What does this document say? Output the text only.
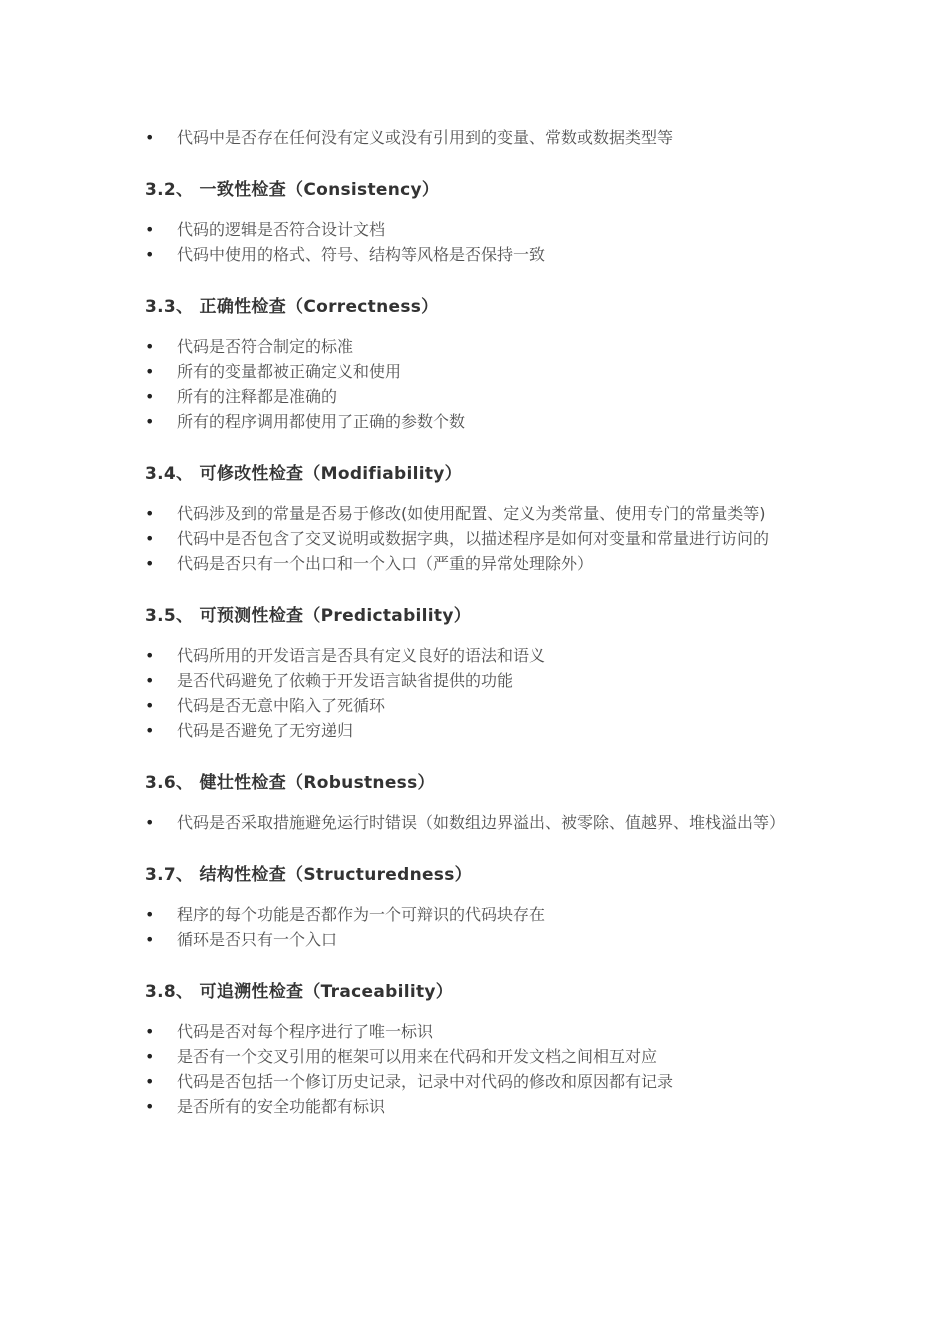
• 代码中是否存在任何没有定义或没有引用到的变量、常数或数据类型等
3.2、 一致性检查（Consistency）
• 代码的逻辑是否符合设计文档
• 代码中使用的格式、符号、结构等风格是否保持一致
3.3、 正确性检查（Correctness）
• 代码是否符合制定的标准
• 所有的变量都被正确定义和使用
• 所有的注释都是准确的
• 所有的程序调用都使用了正确的参数个数
3.4、 可修改性检查（Modifiability）
• 代码涉及到的常量是否易于修改(如使用配置、定义为类常量、使用专门的常量类等)
• 代码中是否包含了交叉说明或数据字典，以描述程序是如何对变量和常量进行访问的
• 代码是否只有一个出口和一个入口（严重的异常处理除外）
3.5、 可预测性检查（Predictability）
• 代码所用的开发语言是否具有定义良好的语法和语义
• 是否代码避免了依赖于开发语言缺省提供的功能
• 代码是否无意中陷入了死循环
• 代码是否避免了无穷递归
3.6、 健壮性检查（Robustness）
• 代码是否采取措施避免运行时错误（如数组边界溢出、被零除、值越界、堆栈溢出等）
3.7、 结构性检查（Structuredness）
• 程序的每个功能是否都作为一个可辩识的代码块存在
• 循环是否只有一个入口
3.8、 可追溯性检查（Traceability）
• 代码是否对每个程序进行了唯一标识
• 是否有一个交叉引用的框架可以用来在代码和开发文档之间相互对应
• 代码是否包括一个修订历史记录，记录中对代码的修改和原因都有记录
• 是否所有的安全功能都有标识
